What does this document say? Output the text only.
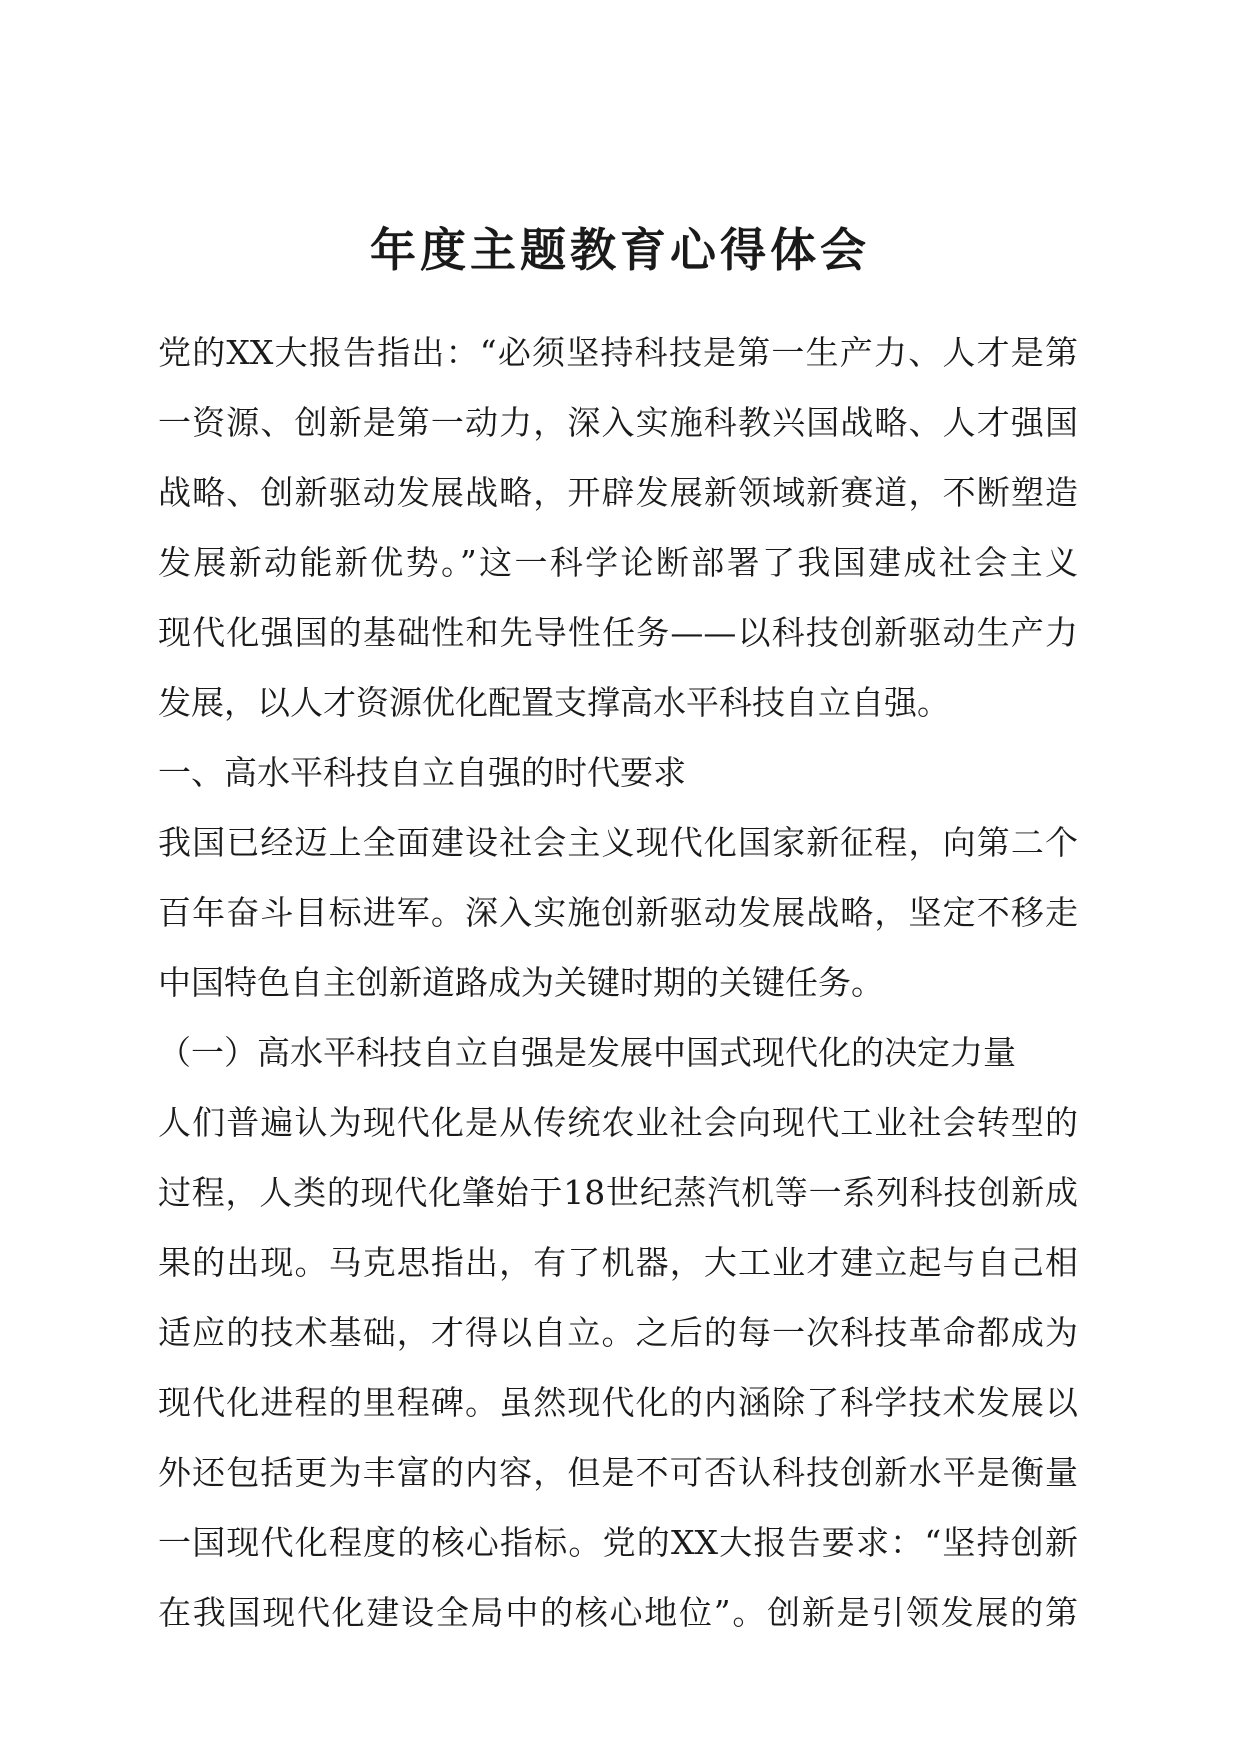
年度主题教育心得体会
党的XX大报告指出：“必须坚持科技是第一生产力、人才是第
一资源、创新是第一动力，深入实施科教兴国战略、人才强国
战略、创新驱动发展战略，开辟发展新领域新赛道，不断塑造
发展新动能新优势。”这一科学论断部署了我国建成社会主义
现代化强国的基础性和先导性任务——以科技创新驱动生产力
发展，以人才资源优化配置支撑高水平科技自立自强。
一、高水平科技自立自强的时代要求
我国已经迈上全面建设社会主义现代化国家新征程，向第二个
百年奋斗目标进军。深入实施创新驱动发展战略，坚定不移走
中国特色自主创新道路成为关键时期的关键任务。
（一）高水平科技自立自强是发展中国式现代化的决定力量
人们普遍认为现代化是从传统农业社会向现代工业社会转型的
过程，人类的现代化肇始于18世纪蒸汽机等一系列科技创新成
果的出现。马克思指出，有了机器，大工业才建立起与自己相
适应的技术基础，才得以自立。之后的每一次科技革命都成为
现代化进程的里程碑。虽然现代化的内涵除了科学技术发展以
外还包括更为丰富的内容，但是不可否认科技创新水平是衡量
一国现代化程度的核心指标。党的XX大报告要求：“坚持创新
在我国现代化建设全局中的核心地位”。创新是引领发展的第
